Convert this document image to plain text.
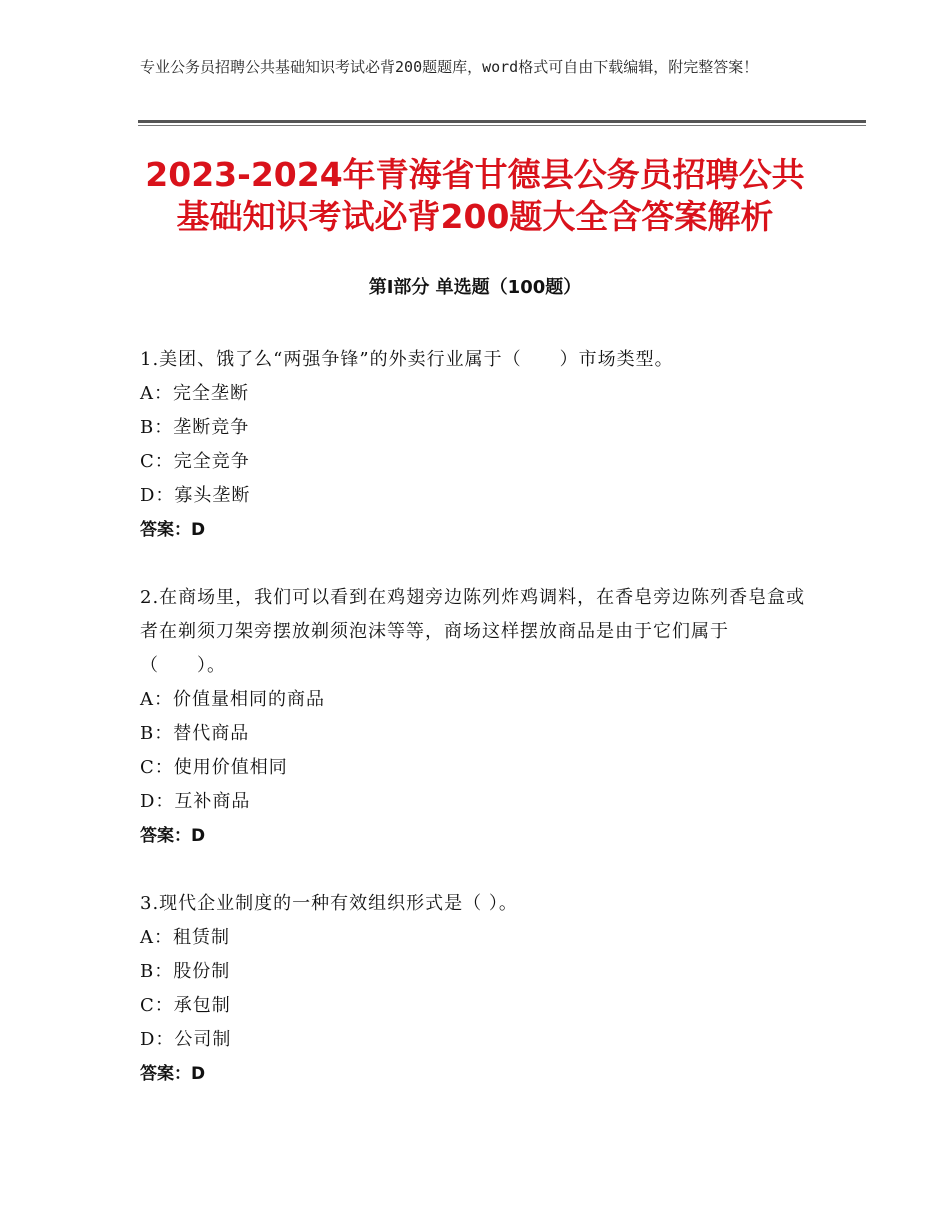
专业公务员招聘公共基础知识考试必背200题题库，word格式可自由下载编辑，附完整答案！
2023-2024年青海省甘德县公务员招聘公共
基础知识考试必背200题大全含答案解析
第Ⅰ部分 单选题（100题）
1.美团、饿了么“两强争锋”的外卖行业属于（　　）市场类型。
A：完全垄断
B：垄断竞争
C：完全竞争
D：寡头垄断
答案：D
2.在商场里，我们可以看到在鸡翅旁边陈列炸鸡调料，在香皂旁边陈列香皂盒或者在剃须刀架旁摆放剃须泡沫等等，商场这样摆放商品是由于它们属于（　　）。
A：价值量相同的商品
B：替代商品
C：使用价值相同
D：互补商品
答案：D
3.现代企业制度的一种有效组织形式是（ ）。
A：租赁制
B：股份制
C：承包制
D：公司制
答案：D
